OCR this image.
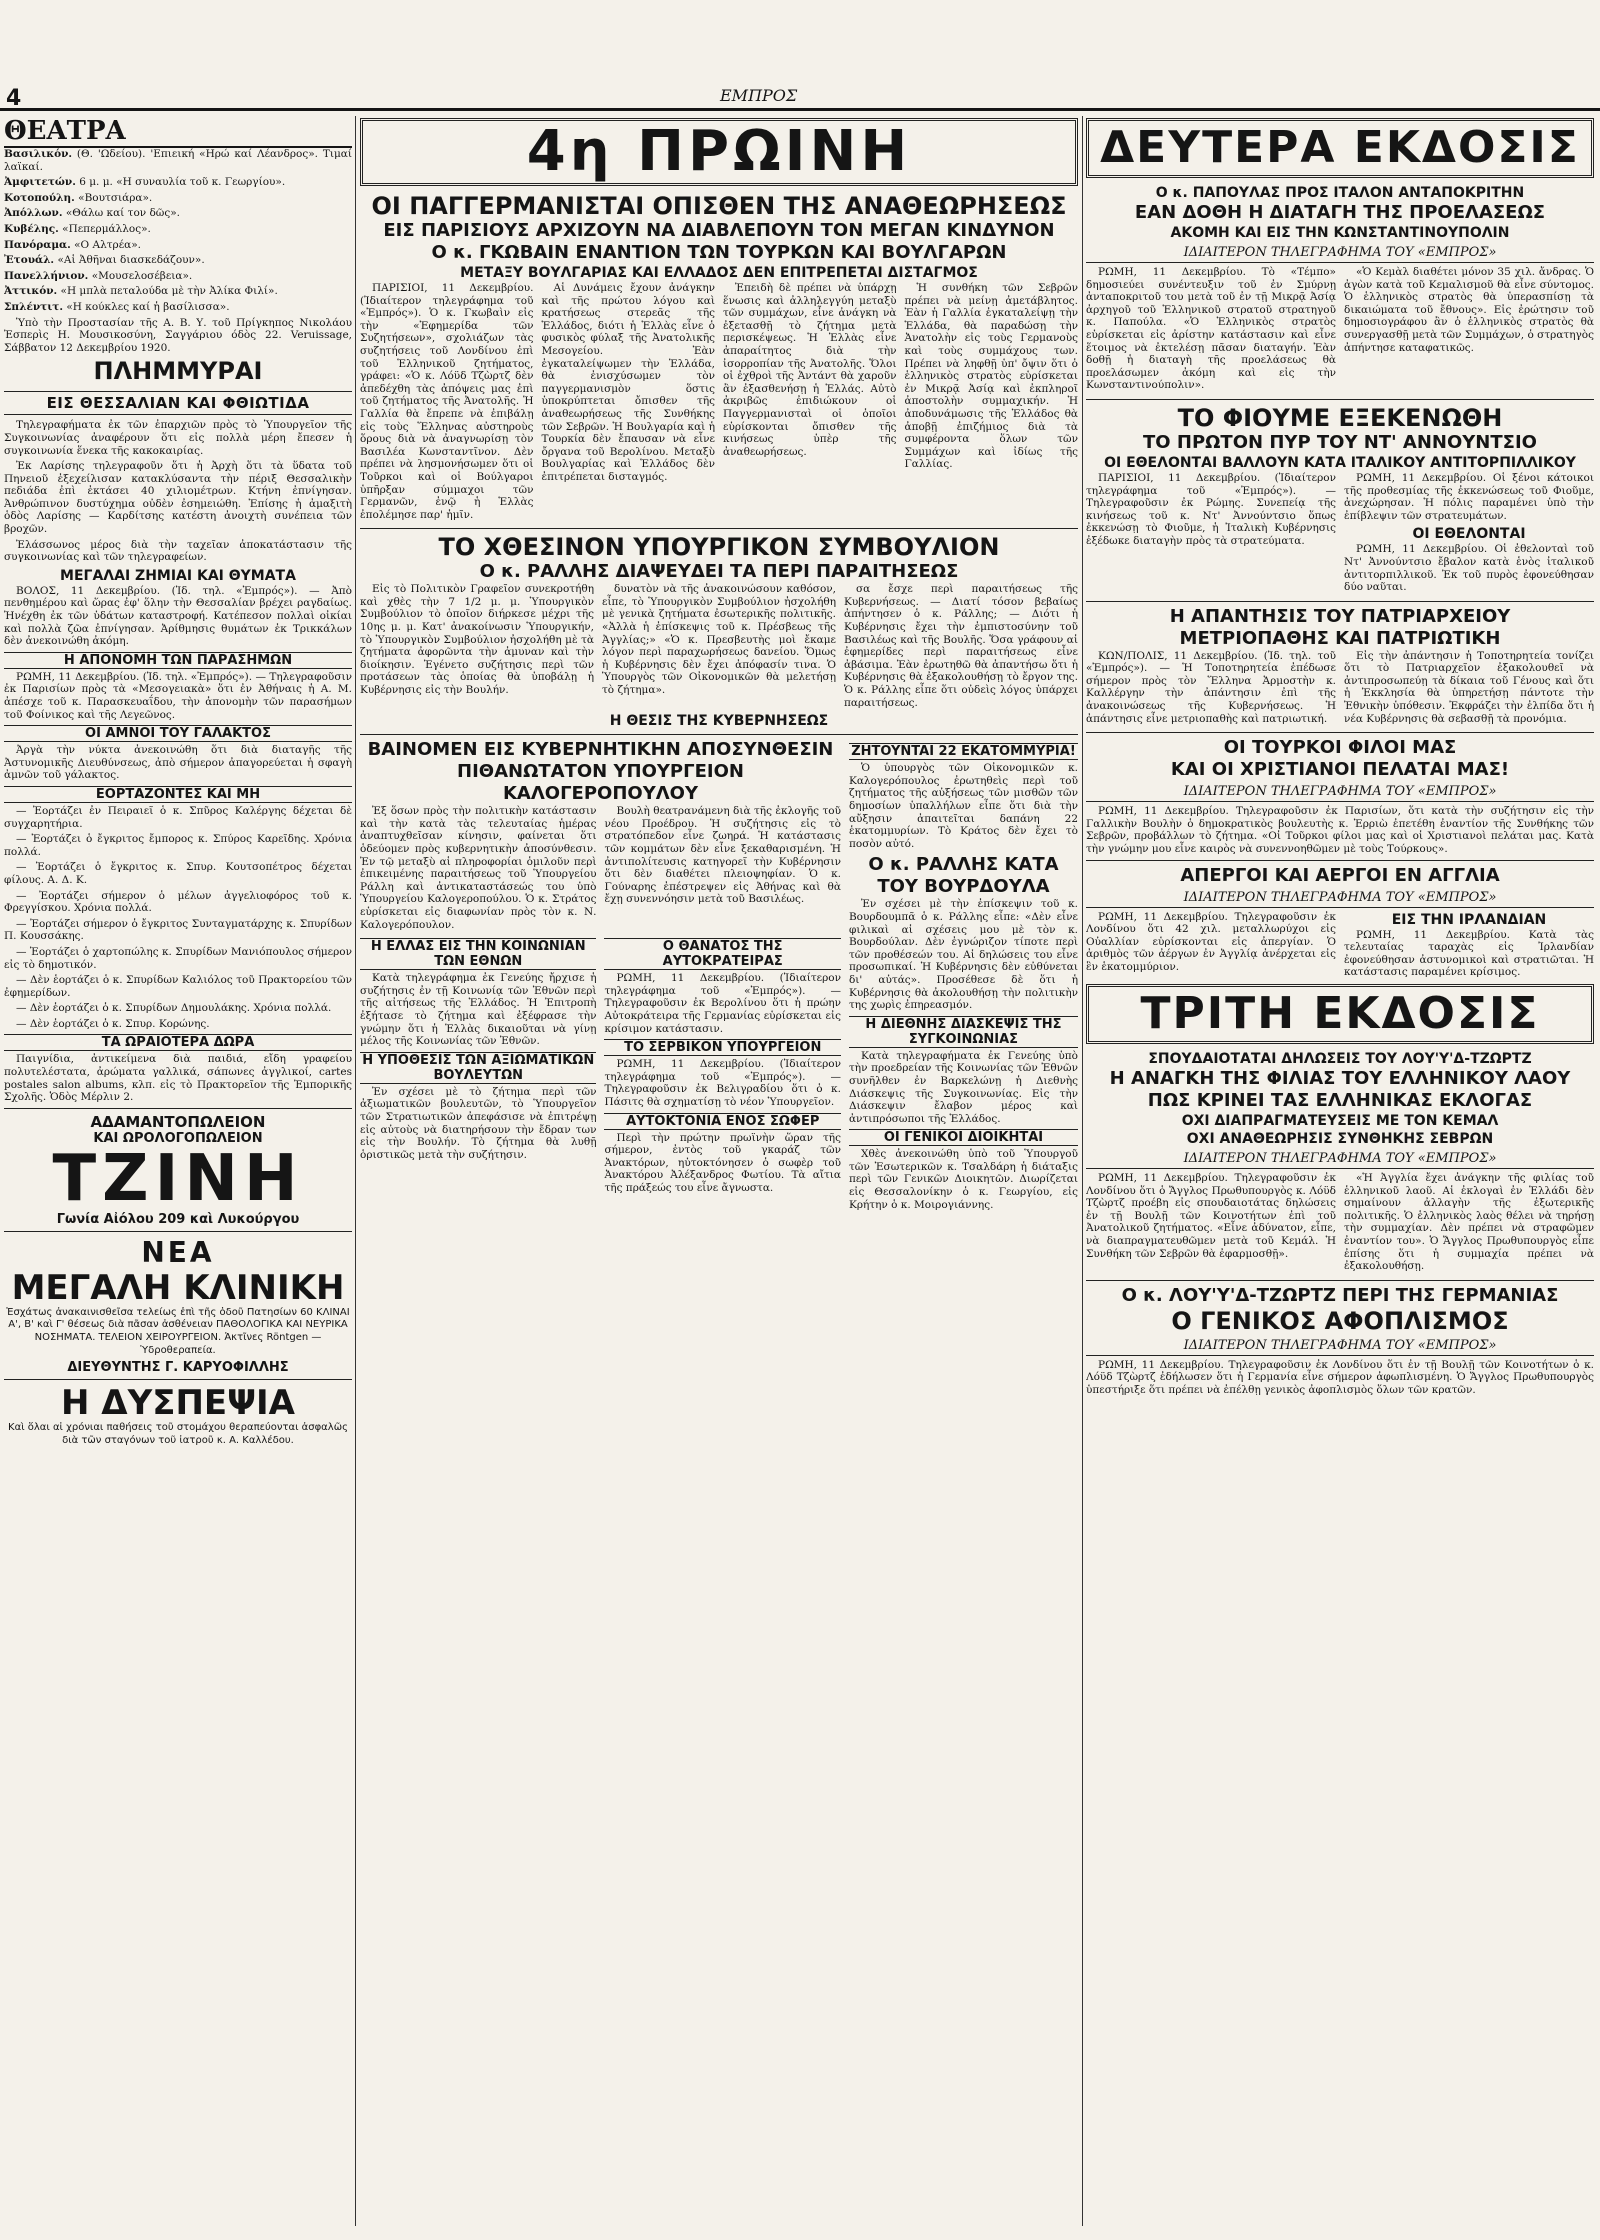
4	ΕΜΠΡΟΣ
ΘΕΑΤΡΑ

Βασιλικόν. (Θ. 'Ωδείου). 'Επιεική «Ηρώ καί Λέανδρος». Τιμαί λαϊκαί.

Ἀμφιτετών. 6 μ. μ. «Η συναυλία τοῦ κ. Γεωργίου».

Κοτοπούλη. «Βουτσιάρα».

Ἀπόλλων. «Θάλω καί τον δῶς».

Κυβέλης. «Πεπερμάλλος».

Πανόραμα. «Ο Αλτρέα».

Ἐτουάλ. «Αἱ Ἀθῆναι διασκεδάζουν».

Πανελλήνιον. «Μουσελοσέβεια».

Ἀττικόν. «Η μπλὰ πεταλούδα μὲ τὴν Ἀλίκα Φιλί».

Σπλέντιτ. «Η κούκλες καί ἡ βασίλισσα».

Ὑπὸ τὴν Προστασίαν τῆς Α. Β. Υ. τοῦ Πρίγκηπος Νικολάου Ἐσπερὶς Η. Μουσικοσύνη, Σαγγάριου όδὸς 22. Veruissage, Σάββατον 12 Δεκεμβρίου 1920.

ΠΛΗΜΜΥΡΑΙ
ΕΙΣ ΘΕΣΣΑΛΙΑΝ ΚΑΙ ΦΘΙΩΤΙΔΑ

Τηλεγραφήματα ἐκ τῶν ἐπαρχιῶν πρὸς τὸ Ὑπουργεῖον τῆς Συγκοινωνίας ἀναφέρουν ὅτι εἰς πολλὰ μέρη ἔπεσεν ἡ συγκοινωνία ἕνεκα τῆς κακοκαιρίας.

Ἐκ Λαρίσης τηλεγραφοῦν ὅτι ἡ Ἀρχὴ ὅτι τὰ ὕδατα τοῦ Πηνειοῦ ἐξεχείλισαν κατακλύσαντα τὴν πέριξ Θεσσαλικὴν πεδιάδα ἐπὶ ἐκτάσει 40 χιλιομέτρων. Κτήνη ἐπνίγησαν. Ἀνθρώπινον δυστύχημα οὐδὲν ἐσημειώθη. Ἐπίσης ἡ ἀμαξιτὴ ὁδὸς Λαρίσης — Καρδίτσης κατέστη ἀνοιχτὴ συνέπεια τῶν βροχῶν.

Ἐλάσσωνος μέρος διὰ τὴν ταχεῖαν ἀποκατάστασιν τῆς συγκοινωνίας καὶ τῶν τηλεγραφείων.

ΜΕΓΑΛΑΙ ΖΗΜΙΑΙ ΚΑΙ ΘΥΜΑΤΑ

ΒΟΛΟΣ, 11 Δεκεμβρίου. (Ἰδ. τηλ. «Ἐμπρός»). — Ἀπὸ πενθημέρου καὶ ὥρας ἐφ' ὅλην τὴν Θεσσαλίαν βρέχει ραγδαίως. Ἠνέχθη ἐκ τῶν ὑδάτων καταστροφή. Κατέπεσον πολλαὶ οἰκίαι καὶ πολλὰ ζῶα ἐπνίγησαν. Ἀρίθμησις θυμάτων ἐκ Τρικκάλων δὲν ἀνεκοινώθη ἀκόμη.

Η ΑΠΟΝΟΜΗ ΤΩΝ ΠΑΡΑΣΗΜΩΝ

ΡΩΜΗ, 11 Δεκεμβρίου. (Ἰδ. τηλ. «Ἐμπρός»). — Τηλεγραφοῦσιν ἐκ Παρισίων πρὸς τὰ «Μεσογειακὰ» ὅτι ἐν Ἀθήναις ἡ Α. Μ. ἀπέσχε τοῦ κ. Παρασκευαΐδου, τὴν ἀπονομὴν τῶν παρασήμων τοῦ Φοίνικος καὶ τῆς Λεγεῶνος.

ΟΙ ΑΜΝΟΙ ΤΟΥ ΓΑΛΑΚΤΟΣ

Ἀργὰ τὴν νύκτα ἀνεκοινώθη ὅτι διὰ διαταγῆς τῆς Ἀστυνομικῆς Διευθύνσεως, ἀπὸ σήμερον ἀπαγορεύεται ἡ σφαγὴ ἀμνῶν τοῦ γάλακτος.

ΕΟΡΤΑΖΟΝΤΕΣ ΚΑΙ ΜΗ

— Ἐορτάζει ἐν Πειραιεῖ ὁ κ. Σπῦρος Καλέργης δέχεται δὲ συγχαρητήρια.

— Ἐορτάζει ὁ ἔγκριτος ἔμπορος κ. Σπύρος Καρεῖδης. Χρόνια πολλά.

— Ἐορτάζει ὁ ἔγκριτος κ. Σπυρ. Κουτσοπέτρος δέχεται φίλους. Α. Δ. Κ.

— Ἐορτάζει σήμερον ὁ μέλων ἀγγελιοφόρος τοῦ κ. Φρεγγίσκου. Χρόνια πολλά.

— Ἐορτάζει σήμερον ὁ ἔγκριτος Συνταγματάρχης κ. Σπυρίδων Π. Κουσσάκης.

— Ἐορτάζει ὁ χαρτοπώλης κ. Σπυρίδων Μανιόπουλος σήμερον εἰς τὸ δημοτικόν.

— Δὲν ἑορτάζει ὁ κ. Σπυρίδων Καλιόλος τοῦ Πρακτορείου τῶν ἐφημερίδων.

— Δὲν ἑορτάζει ὁ κ. Σπυρίδων Δημουλάκης. Χρόνια πολλά.

— Δὲν ἑορτάζει ὁ κ. Σπυρ. Κορώνης.

ΤΑ ΩΡΑΙΟΤΕΡΑ ΔΩΡΑ

Παιγνίδια, ἀντικείμενα διὰ παιδιά, εἴδη γραφείου πολυτελέστατα, ἀρώματα γαλλικά, σάπωνες ἀγγλικοί, cartes postales salon albums, κλπ. εἰς τὸ Πρακτορεῖον τῆς Ἐμπορικῆς Σχολῆς. Ὁδὸς Μέρλιν 2.

ΑΔΑΜΑΝΤΟΠΩΛΕΙΟΝ
ΚΑΙ ΩΡΟΛΟΓΟΠΩΛΕΙΟΝ
ΤΖΙΝΗ
Γωνία Αἰόλου 209 καὶ Λυκούργου
ΝΕΑ
ΜΕΓΑΛΗ ΚΛΙΝΙΚΗ

Ἐσχάτως ἀνακαινισθεῖσα τελείως ἐπὶ τῆς ὁδοῦ Πατησίων 60 ΚΛΙΝΑΙ Α', Β' καὶ Γ' θέσεως διὰ πᾶσαν ἀσθένειαν ΠΑΘΟΛΟΓΙΚΑ ΚΑΙ ΝΕΥΡΙΚΑ ΝΟΣΗΜΑΤΑ. ΤΕΛΕΙΟΝ ΧΕΙΡΟΥΡΓΕΙΟΝ. Ἀκτῖνες Röntgen — Ὑδροθεραπεία.

ΔΙΕΥΘΥΝΤΗΣ Γ. ΚΑΡΥΟΦΙΛΛΗΣ
Η ΔΥΣΠΕΨΙΑ

Καὶ ὅλαι αἱ χρόνιαι παθήσεις τοῦ στομάχου θεραπεύονται ἀσφαλῶς διὰ τῶν σταγόνων τοῦ ἰατροῦ κ. Α. Καλλέδου.

4η ΠΡΩΙΝΗ
ΟΙ ΠΑΓΓΕΡΜΑΝΙΣΤΑΙ ΟΠΙΣΘΕΝ ΤΗΣ ΑΝΑΘΕΩΡΗΣΕΩΣ
ΕΙΣ ΠΑΡΙΣΙΟΥΣ ΑΡΧΙΖΟΥΝ ΝΑ ΔΙΑΒΛΕΠΟΥΝ ΤΟΝ ΜΕΓΑΝ ΚΙΝΔΥΝΟΝ
Ο κ. ΓΚΩΒΑΙΝ ΕΝΑΝΤΙΟΝ ΤΩΝ ΤΟΥΡΚΩΝ ΚΑΙ ΒΟΥΛΓΑΡΩΝ
ΜΕΤΑΞΥ ΒΟΥΛΓΑΡΙΑΣ ΚΑΙ ΕΛΛΑΔΟΣ ΔΕΝ ΕΠΙΤΡΕΠΕΤΑΙ ΔΙΣΤΑΓΜΟΣ

ΠΑΡΙΣΙΟΙ, 11 Δεκεμβρίου. (Ἰδιαίτερον τηλεγράφημα τοῦ «Ἐμπρός»). Ὁ κ. Γκωβαὶν εἰς τὴν «Ἐφημερίδα τῶν Συζητήσεων», σχολιάζων τὰς συζητήσεις τοῦ Λονδίνου ἐπὶ τοῦ Ἑλληνικοῦ ζητήματος, γράφει: «Ὁ κ. Λόϋδ Τζὼρτζ δὲν ἀπεδέχθη τὰς ἀπόψεις μας ἐπὶ τοῦ ζητήματος τῆς Ἀνατολῆς. Ἡ Γαλλία θὰ ἔπρεπε νὰ ἐπιβάλῃ εἰς τοὺς Ἕλληνας αὐστηροὺς ὅρους διὰ νὰ ἀναγνωρίσῃ τὸν Βασιλέα Κωνσταντῖνον. Δὲν πρέπει νὰ λησμονήσωμεν ὅτι οἱ Τοῦρκοι καὶ οἱ Βούλγαροι ὑπῆρξαν σύμμαχοι τῶν Γερμανῶν, ἐνῷ ἡ Ἑλλὰς ἐπολέμησε παρ' ἡμῖν.

Αἱ Δυνάμεις ἔχουν ἀνάγκην καὶ τῆς πρώτου λόγου καὶ κρατήσεως στερεᾶς τῆς Ἑλλάδος, διότι ἡ Ἑλλὰς εἶνε ὁ φυσικὸς φύλαξ τῆς Ἀνατολικῆς Μεσογείου. Ἐὰν ἐγκαταλείψωμεν τὴν Ἑλλάδα, θὰ ἐνισχύσωμεν τὸν παγγερμανισμὸν ὅστις ὑποκρύπτεται ὄπισθεν τῆς ἀναθεωρήσεως τῆς Συνθήκης τῶν Σεβρῶν. Ἡ Βουλγαρία καὶ ἡ Τουρκία δὲν ἔπαυσαν νὰ εἶνε ὄργανα τοῦ Βερολίνου. Μεταξὺ Βουλγαρίας καὶ Ἑλλάδος δὲν ἐπιτρέπεται δισταγμός.

Ἐπειδὴ δὲ πρέπει νὰ ὑπάρχῃ ἕνωσις καὶ ἀλληλεγγύη μεταξὺ τῶν συμμάχων, εἶνε ἀνάγκη νὰ ἐξετασθῇ τὸ ζήτημα μετὰ περισκέψεως. Ἡ Ἑλλὰς εἶνε ἀπαραίτητος διὰ τὴν ἰσορροπίαν τῆς Ἀνατολῆς. Ὅλοι οἱ ἐχθροὶ τῆς Ἀντάντ θὰ χαροῦν ἂν ἐξασθενήσῃ ἡ Ἑλλάς. Αὐτὸ ἀκριβῶς ἐπιδιώκουν οἱ Παγγερμανισταὶ οἱ ὁποῖοι εὑρίσκονται ὄπισθεν τῆς κινήσεως ὑπὲρ τῆς ἀναθεωρήσεως.

Ἡ συνθήκη τῶν Σεβρῶν πρέπει νὰ μείνῃ ἀμετάβλητος. Ἐὰν ἡ Γαλλία ἐγκαταλείψῃ τὴν Ἑλλάδα, θὰ παραδώσῃ τὴν Ἀνατολὴν εἰς τοὺς Γερμανοὺς καὶ τοὺς συμμάχους των. Πρέπει νὰ ληφθῇ ὑπ' ὄψιν ὅτι ὁ ἑλληνικὸς στρατὸς εὑρίσκεται ἐν Μικρᾷ Ἀσίᾳ καὶ ἐκπληροῖ ἀποστολὴν συμμαχικήν. Ἡ ἀποδυνάμωσις τῆς Ἑλλάδος θὰ ἀποβῇ ἐπιζήμιος διὰ τὰ συμφέροντα ὅλων τῶν Συμμάχων καὶ ἰδίως τῆς Γαλλίας.

ΤΟ ΧΘΕΣΙΝΟΝ ΥΠΟΥΡΓΙΚΟΝ ΣΥΜΒΟΥΛΙΟΝ
Ο κ. ΡΑΛΛΗΣ ΔΙΑΨΕΥΔΕΙ ΤΑ ΠΕΡΙ ΠΑΡΑΙΤΗΣΕΩΣ

Εἰς τὸ Πολιτικὸν Γραφεῖον συνεκροτήθη καὶ χθὲς τὴν 7 1/2 μ. μ. Ὑπουργικὸν Συμβούλιον τὸ ὁποῖον διήρκεσε μέχρι τῆς 10ης μ. μ. Κατ' ἀνακοίνωσιν Ὑπουργικήν, τὸ Ὑπουργικὸν Συμβούλιον ἠσχολήθη μὲ τὰ ζητήματα ἀφορῶντα τὴν ἀμυναν καὶ τὴν διοίκησιν. Ἐγένετο συζήτησις περὶ τῶν προτάσεων τὰς ὁποίας θὰ ὑποβάλῃ ἡ Κυβέρνησις εἰς τὴν Βουλήν.

δυνατὸν νὰ τῆς ἀνακοινώσουν καθόσον, εἶπε, τὸ Ὑπουργικὸν Συμβούλιον ἠσχολήθη μὲ γενικὰ ζητήματα ἐσωτερικῆς πολιτικῆς. «Ἀλλὰ ἡ ἐπίσκεψις τοῦ κ. Πρέσβεως τῆς Ἀγγλίας;» «Ὁ κ. Πρεσβευτὴς μοὶ ἔκαμε λόγον περὶ παραχωρήσεως δανείου. Ὅμως ἡ Κυβέρνησις δὲν ἔχει ἀπόφασίν τινα. Ὁ Ὑπουργὸς τῶν Οἰκονομικῶν θὰ μελετήσῃ τὸ ζήτημα».

σα ἔσχε περὶ παραιτήσεως τῆς Κυβερνήσεως. — Διατί τόσον βεβαίως ἀπήντησεν ὁ κ. Ράλλης; — Διότι ἡ Κυβέρνησις ἔχει τὴν ἐμπιστοσύνην τοῦ Βασιλέως καὶ τῆς Βουλῆς. Ὅσα γράφουν αἱ ἐφημερίδες περὶ παραιτήσεως εἶνε ἀβάσιμα. Ἐὰν ἐρωτηθῶ θὰ ἀπαντήσω ὅτι ἡ Κυβέρνησις θὰ ἐξακολουθήσῃ τὸ ἔργον της. Ὁ κ. Ράλλης εἶπε ὅτι οὐδεὶς λόγος ὑπάρχει παραιτήσεως.

Η ΘΕΣΙΣ ΤΗΣ ΚΥΒΕΡΝΗΣΕΩΣ
ΒΑΙΝΟΜΕΝ ΕΙΣ ΚΥΒΕΡΝΗΤΙΚΗΝ ΑΠΟΣΥΝΘΕΣΙΝ
ΠΙΘΑΝΩΤΑΤΟΝ ΥΠΟΥΡΓΕΙΟΝ ΚΑΛΟΓΕΡΟΠΟΥΛΟΥ

Ἐξ ὅσων πρὸς τὴν πολιτικὴν κατάστασιν καὶ τὴν κατὰ τὰς τελευταίας ἡμέρας ἀναπτυχθεῖσαν κίνησιν, φαίνεται ὅτι ὁδεύομεν πρὸς κυβερνητικὴν ἀποσύνθεσιν. Ἐν τῷ μεταξὺ αἱ πληροφορίαι ὁμιλοῦν περὶ ἐπικειμένης παραιτήσεως τοῦ Ὑπουργείου Ράλλη καὶ ἀντικαταστάσεώς του ὑπὸ Ὑπουργείου Καλογεροπούλου. Ὁ κ. Στράτος εὑρίσκεται εἰς διαφωνίαν πρὸς τὸν κ. Ν. Καλογερόπουλον.

Βουλὴ θεατρανάμενη διὰ τῆς ἐκλογῆς τοῦ νέου Προέδρου. Ἡ συζήτησις εἰς τὸ στρατόπεδον εἶνε ζωηρά. Ἡ κατάστασις τῶν κομμάτων δὲν εἶνε ξεκαθαρισμένη. Ἡ ἀντιπολίτευσις κατηγορεῖ τὴν Κυβέρνησιν ὅτι δὲν διαθέτει πλειοψηφίαν. Ὁ κ. Γούναρης ἐπέστρεψεν εἰς Ἀθήνας καὶ θὰ ἔχῃ συνεννόησιν μετὰ τοῦ Βασιλέως.

Η ΕΛΛΑΣ ΕΙΣ ΤΗΝ ΚΟΙΝΩΝΙΑΝ ΤΩΝ ΕΘΝΩΝ

Κατὰ τηλεγράφημα ἐκ Γενεύης ἤρχισε ἡ συζήτησις ἐν τῇ Κοινωνίᾳ τῶν Ἐθνῶν περὶ τῆς αἰτήσεως τῆς Ἑλλάδος. Ἡ Ἐπιτροπὴ ἐξήτασε τὸ ζήτημα καὶ ἐξέφρασε τὴν γνώμην ὅτι ἡ Ἑλλὰς δικαιοῦται νὰ γίνῃ μέλος τῆς Κοινωνίας τῶν Ἐθνῶν.

Η ΥΠΟΘΕΣΙΣ ΤΩΝ ΑΞΙΩΜΑΤΙΚΩΝ ΒΟΥΛΕΥΤΩΝ

Ἐν σχέσει μὲ τὸ ζήτημα περὶ τῶν ἀξιωματικῶν βουλευτῶν, τὸ Ὑπουργεῖον τῶν Στρατιωτικῶν ἀπεφάσισε νὰ ἐπιτρέψῃ εἰς αὐτοὺς νὰ διατηρήσουν τὴν ἔδραν των εἰς τὴν Βουλήν. Τὸ ζήτημα θὰ λυθῇ ὁριστικῶς μετὰ τὴν συζήτησιν.

Ο ΘΑΝΑΤΟΣ ΤΗΣ ΑΥΤΟΚΡΑΤΕΙΡΑΣ

ΡΩΜΗ, 11 Δεκεμβρίου. (Ἰδιαίτερον τηλεγράφημα τοῦ «Ἐμπρός»). — Τηλεγραφοῦσιν ἐκ Βερολίνου ὅτι ἡ πρώην Αὐτοκράτειρα τῆς Γερμανίας εὑρίσκεται εἰς κρίσιμον κατάστασιν.

ΤΟ ΣΕΡΒΙΚΟΝ ΥΠΟΥΡΓΕΙΟΝ

ΡΩΜΗ, 11 Δεκεμβρίου. (Ἰδιαίτερον τηλεγράφημα τοῦ «Ἐμπρός»). — Τηλεγραφοῦσιν ἐκ Βελιγραδίου ὅτι ὁ κ. Πάσιτς θὰ σχηματίσῃ τὸ νέον Ὑπουργεῖον.

ΑΥΤΟΚΤΟΝΙΑ ΕΝΟΣ ΣΩΦΕΡ

Περὶ τὴν πρώτην πρωϊνὴν ὥραν τῆς σήμερον, ἐντὸς τοῦ γκαράζ τῶν Ἀνακτόρων, ηὐτοκτόνησεν ὁ σωφὲρ τοῦ Ἀνακτόρου Ἀλέξανδρος Φωτίου. Τὰ αἴτια τῆς πράξεώς του εἶνε ἄγνωστα.

ZHTOYNTAI 22 ΕΚΑΤΟΜΜΥΡΙΑ!

Ὁ ὑπουργὸς τῶν Οἰκονομικῶν κ. Καλογερόπουλος ἐρωτηθεὶς περὶ τοῦ ζητήματος τῆς αὐξήσεως τῶν μισθῶν τῶν δημοσίων ὑπαλλήλων εἶπε ὅτι διὰ τὴν αὔξησιν ἀπαιτεῖται δαπάνη 22 ἑκατομμυρίων. Τὸ Κράτος δὲν ἔχει τὸ ποσὸν αὐτό.

Ο κ. ΡΑΛΛΗΣ ΚΑΤΑ ΤΟΥ ΒΟΥΡΔΟΥΛΑ

Ἐν σχέσει μὲ τὴν ἐπίσκεψιν τοῦ κ. Βουρδουμπᾶ ὁ κ. Ράλλης εἶπε: «Δὲν εἶνε φιλικαὶ αἱ σχέσεις μου μὲ τὸν κ. Βουρδούλαν. Δὲν ἐγνώριζον τίποτε περὶ τῶν προθέσεών του. Αἱ δηλώσεις του εἶνε προσωπικαί. Ἡ Κυβέρνησις δὲν εὐθύνεται δι' αὐτάς». Προσέθεσε δὲ ὅτι ἡ Κυβέρνησις θὰ ἀκολουθήσῃ τὴν πολιτικὴν της χωρὶς ἐπηρεασμόν.

Η ΔΙΕΘΝΗΣ ΔΙΑΣΚΕΨΙΣ ΤΗΣ ΣΥΓΚΟΙΝΩΝΙΑΣ

Κατὰ τηλεγραφήματα ἐκ Γενεύης ὑπὸ τὴν προεδρείαν τῆς Κοινωνίας τῶν Ἐθνῶν συνῆλθεν ἐν Βαρκελώνῃ ἡ Διεθνὴς Διάσκεψις τῆς Συγκοινωνίας. Εἰς τὴν Διάσκεψιν ἔλαβον μέρος καὶ ἀντιπρόσωποι τῆς Ἑλλάδος.

ΟΙ ΓΕΝΙΚΟΙ ΔΙΟΙΚΗΤΑΙ

Χθὲς ἀνεκοινώθη ὑπὸ τοῦ Ὑπουργοῦ τῶν Ἐσωτερικῶν κ. Τσαλδάρη ἡ διάταξις περὶ τῶν Γενικῶν Διοικητῶν. Διωρίζεται εἰς Θεσσαλονίκην ὁ κ. Γεωργίου, εἰς Κρήτην ὁ κ. Μοιρογιάννης.

ΔΕΥΤΕΡΑ ΕΚΔΟΣΙΣ
Ο κ. ΠΑΠΟΥΛΑΣ ΠΡΟΣ ΙΤΑΛΟΝ ΑΝΤΑΠΟΚΡΙΤΗΝ
ΕΑΝ ΔΟΘΗ Η ΔΙΑΤΑΓΗ ΤΗΣ ΠΡΟΕΛΑΣΕΩΣ
ΑΚΟΜΗ ΚΑΙ ΕΙΣ ΤΗΝ ΚΩΝΣΤΑΝΤΙΝΟΥΠΟΛΙΝ
ΙΔΙΑΙΤΕΡΟΝ ΤΗΛΕΓΡΑΦΗΜΑ ΤΟΥ «ΕΜΠΡΟΣ»

ΡΩΜΗ, 11 Δεκεμβρίου. Τὸ «Τέμπο» δημοσιεύει συνέντευξιν τοῦ ἐν Σμύρνῃ ἀνταποκριτοῦ του μετὰ τοῦ ἐν τῇ Μικρᾷ Ἀσίᾳ ἀρχηγοῦ τοῦ Ἑλληνικοῦ στρατοῦ στρατηγοῦ κ. Παπούλα. «Ὁ Ἑλληνικὸς στρατὸς εὑρίσκεται εἰς ἀρίστην κατάστασιν καὶ εἶνε ἕτοιμος νὰ ἐκτελέσῃ πᾶσαν διαταγήν. Ἐὰν δοθῇ ἡ διαταγὴ τῆς προελάσεως θὰ προελάσωμεν ἀκόμη καὶ εἰς τὴν Κωνσταντινούπολιν».

«Ὁ Κεμὰλ διαθέτει μόνον 35 χιλ. ἄνδρας. Ὁ ἀγὼν κατὰ τοῦ Κεμαλισμοῦ θὰ εἶνε σύντομος. Ὁ ἑλληνικὸς στρατὸς θὰ ὑπερασπίσῃ τὰ δικαιώματα τοῦ ἔθνους». Εἰς ἐρώτησιν τοῦ δημοσιογράφου ἂν ὁ ἑλληνικὸς στρατὸς θὰ συνεργασθῇ μετὰ τῶν Συμμάχων, ὁ στρατηγὸς ἀπήντησε καταφατικῶς.

ΤΟ ΦΙΟΥΜΕ ΕΞΕΚΕΝΩΘΗ
ΤΟ ΠΡΩΤΟΝ ΠΥΡ ΤΟΥ ΝΤ' ΑΝΝΟΥΝΤΣΙΟ
ΟΙ ΕΘΕΛΟΝΤΑΙ ΒΑΛΛΟΥΝ ΚΑΤΑ ΙΤΑΛΙΚΟΥ ΑΝΤΙΤΟΡΠΙΛΛΙΚΟΥ

ΠΑΡΙΣΙΟΙ, 11 Δεκεμβρίου. (Ἰδιαίτερον τηλεγράφημα τοῦ «Ἐμπρός»). — Τηλεγραφοῦσιν ἐκ Ρώμης. Συνεπείᾳ τῆς κινήσεως τοῦ κ. Ντ' Ἀννούντσιο ὅπως ἐκκενώσῃ τὸ Φιοῦμε, ἡ Ἰταλικὴ Κυβέρνησις ἐξέδωκε διαταγὴν πρὸς τὰ στρατεύματα.

ΡΩΜΗ, 11 Δεκεμβρίου. Οἱ ξένοι κάτοικοι τῆς προθεσμίας τῆς ἐκκενώσεως τοῦ Φιοῦμε, ἀνεχώρησαν. Ἡ πόλις παραμένει ὑπὸ τὴν ἐπίβλεψιν τῶν στρατευμάτων.

ΟΙ ΕΘΕΛΟΝΤΑΙ

ΡΩΜΗ, 11 Δεκεμβρίου. Οἱ ἐθελονταὶ τοῦ Ντ' Ἀννούντσιο ἔβαλον κατὰ ἑνὸς ἰταλικοῦ ἀντιτορπιλλικοῦ. Ἐκ τοῦ πυρὸς ἐφονεύθησαν δύο ναῦται.

Η ΑΠΑΝΤΗΣΙΣ ΤΟΥ ΠΑΤΡΙΑΡΧΕΙΟΥ
ΜΕΤΡΙΟΠΑΘΗΣ ΚΑΙ ΠΑΤΡΙΩΤΙΚΗ

ΚΩΝ/ΠΟΛΙΣ, 11 Δεκεμβρίου. (Ἰδ. τηλ. τοῦ «Ἐμπρός»). — Ἡ Τοποτηρητεία ἐπέδωσε σήμερον πρὸς τὸν Ἕλληνα Ἁρμοστὴν κ. Καλλέργην τὴν ἀπάντησιν ἐπὶ τῆς ἀνακοινώσεως τῆς Κυβερνήσεως. Ἡ ἀπάντησις εἶνε μετριοπαθὴς καὶ πατριωτική.

Εἰς τὴν ἀπάντησιν ἡ Τοποτηρητεία τονίζει ὅτι τὸ Πατριαρχεῖον ἐξακολουθεῖ νὰ ἀντιπροσωπεύῃ τὰ δίκαια τοῦ Γένους καὶ ὅτι ἡ Ἐκκλησία θὰ ὑπηρετήσῃ πάντοτε τὴν Ἐθνικὴν ὑπόθεσιν. Ἐκφράζει τὴν ἐλπίδα ὅτι ἡ νέα Κυβέρνησις θὰ σεβασθῇ τὰ προνόμια.

ΟΙ ΤΟΥΡΚΟΙ ΦΙΛΟΙ ΜΑΣ
ΚΑΙ ΟΙ ΧΡΙΣΤΙΑΝΟΙ ΠΕΛΑΤΑΙ ΜΑΣ!
ΙΔΙΑΙΤΕΡΟΝ ΤΗΛΕΓΡΑΦΗΜΑ ΤΟΥ «ΕΜΠΡΟΣ»

ΡΩΜΗ, 11 Δεκεμβρίου. Τηλεγραφοῦσιν ἐκ Παρισίων, ὅτι κατὰ τὴν συζήτησιν εἰς τὴν Γαλλικὴν Βουλὴν ὁ δημοκρατικὸς βουλευτὴς κ. Ἐρριὼ ἐπετέθη ἐναντίον τῆς Συνθήκης τῶν Σεβρῶν, προβάλλων τὸ ζήτημα. «Οἱ Τοῦρκοι φίλοι μας καὶ οἱ Χριστιανοὶ πελάται μας. Κατὰ τὴν γνώμην μου εἶνε καιρὸς νὰ συνεννοηθῶμεν μὲ τοὺς Τούρκους».

ΑΠΕΡΓΟΙ ΚΑΙ ΑΕΡΓΟΙ ΕΝ ΑΓΓΛΙΑ
ΙΔΙΑΙΤΕΡΟΝ ΤΗΛΕΓΡΑΦΗΜΑ ΤΟΥ «ΕΜΠΡΟΣ»

ΡΩΜΗ, 11 Δεκεμβρίου. Τηλεγραφοῦσιν ἐκ Λονδίνου ὅτι 42 χιλ. μεταλλωρύχοι εἰς Οὐαλλίαν εὑρίσκονται εἰς ἀπεργίαν. Ὁ ἀριθμὸς τῶν ἀέργων ἐν Ἀγγλίᾳ ἀνέρχεται εἰς ἓν ἑκατομμύριον.

ΕΙΣ ΤΗΝ ΙΡΛΑΝΔΙΑΝ

ΡΩΜΗ, 11 Δεκεμβρίου. Κατὰ τὰς τελευταίας ταραχὰς εἰς Ἰρλανδίαν ἐφονεύθησαν ἀστυνομικοὶ καὶ στρατιῶται. Ἡ κατάστασις παραμένει κρίσιμος.

ΤΡΙΤΗ ΕΚΔΟΣΙΣ
ΣΠΟΥΔΑΙΟΤΑΤΑΙ ΔΗΛΩΣΕΙΣ ΤΟΥ ΛΟΥ'Υ'Δ-ΤΖΩΡΤΖ
Η ΑΝΑΓΚΗ ΤΗΣ ΦΙΛΙΑΣ ΤΟΥ ΕΛΛΗΝΙΚΟΥ ΛΑΟΥ
ΠΩΣ ΚΡΙΝΕΙ ΤΑΣ ΕΛΛΗΝΙΚΑΣ ΕΚΛΟΓΑΣ
ΟΧΙ ΔΙΑΠΡΑΓΜΑΤΕΥΣΕΙΣ ΜΕ ΤΟΝ ΚΕΜΑΛ
ΟΧΙ ΑΝΑΘΕΩΡΗΣΙΣ ΣΥΝΘΗΚΗΣ ΣΕΒΡΩΝ
ΙΔΙΑΙΤΕΡΟΝ ΤΗΛΕΓΡΑΦΗΜΑ ΤΟΥ «ΕΜΠΡΟΣ»

ΡΩΜΗ, 11 Δεκεμβρίου. Τηλεγραφοῦσιν ἐκ Λονδίνου ὅτι ὁ Ἄγγλος Πρωθυπουργὸς κ. Λόϋδ Τζὼρτζ προέβη εἰς σπουδαιοτάτας δηλώσεις ἐν τῇ Βουλῇ τῶν Κοινοτήτων ἐπὶ τοῦ Ἀνατολικοῦ ζητήματος. «Εἶνε ἀδύνατον, εἶπε, νὰ διαπραγματευθῶμεν μετὰ τοῦ Κεμάλ. Ἡ Συνθήκη τῶν Σεβρῶν θὰ ἐφαρμοσθῇ».

«Ἡ Ἀγγλία ἔχει ἀνάγκην τῆς φιλίας τοῦ ἑλληνικοῦ λαοῦ. Αἱ ἐκλογαὶ ἐν Ἑλλάδι δὲν σημαίνουν ἀλλαγὴν τῆς ἐξωτερικῆς πολιτικῆς. Ὁ ἑλληνικὸς λαὸς θέλει νὰ τηρήσῃ τὴν συμμαχίαν. Δὲν πρέπει νὰ στραφῶμεν ἐναντίον του». Ὁ Ἄγγλος Πρωθυπουργὸς εἶπε ἐπίσης ὅτι ἡ συμμαχία πρέπει νὰ ἐξακολουθήσῃ.

Ο κ. ΛΟΥ'Υ'Δ-ΤΖΩΡΤΖ ΠΕΡΙ ΤΗΣ ΓΕΡΜΑΝΙΑΣ
Ο ΓΕΝΙΚΟΣ ΑΦΟΠΛΙΣΜΟΣ
ΙΔΙΑΙΤΕΡΟΝ ΤΗΛΕΓΡΑΦΗΜΑ ΤΟΥ «ΕΜΠΡΟΣ»

ΡΩΜΗ, 11 Δεκεμβρίου. Τηλεγραφοῦσιν ἐκ Λονδίνου ὅτι ἐν τῇ Βουλῇ τῶν Κοινοτήτων ὁ κ. Λόϋδ Τζὼρτζ ἐδήλωσεν ὅτι ἡ Γερμανία εἶνε σήμερον ἀφωπλισμένη. Ὁ Ἄγγλος Πρωθυπουργὸς ὑπεστήριξε ὅτι πρέπει νὰ ἐπέλθῃ γενικὸς ἀφοπλισμὸς ὅλων τῶν κρατῶν.
